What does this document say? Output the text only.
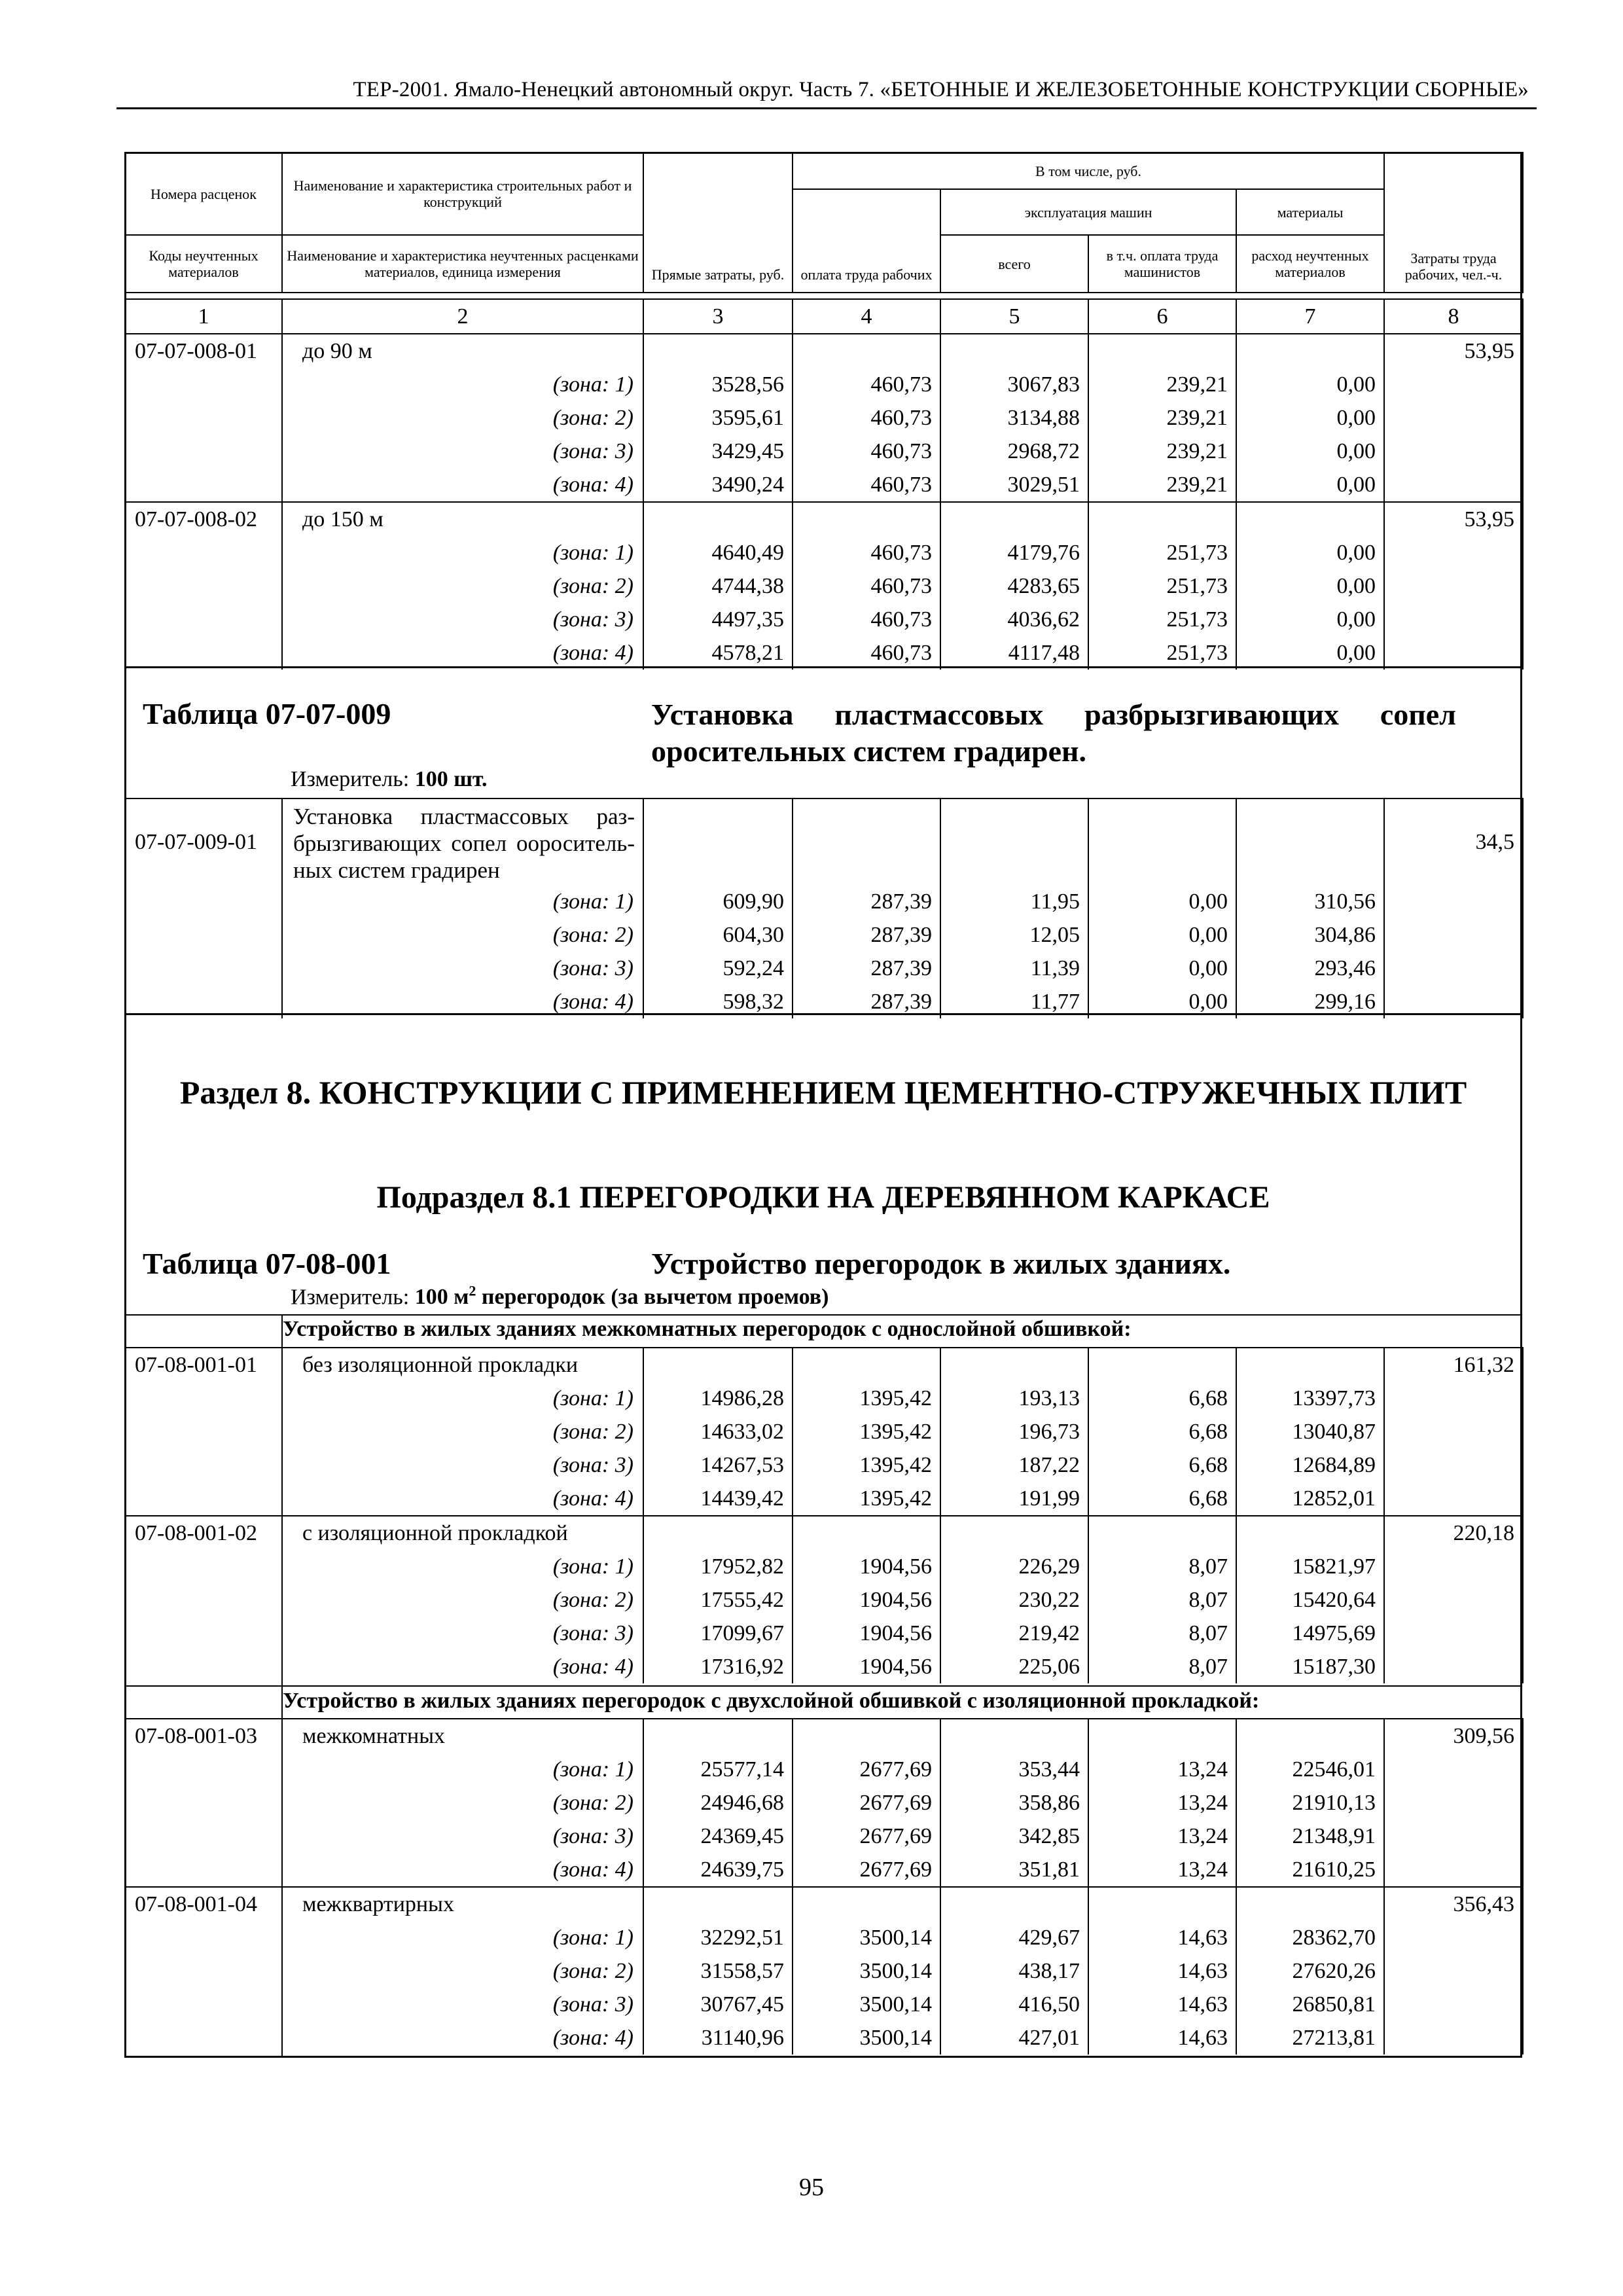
ТЕР-2001. Ямало-Ненецкий автономный округ. Часть 7. «БЕТОННЫЕ И ЖЕЛЕЗОБЕТОННЫЕ КОНСТРУКЦИИ СБОРНЫЕ»
Номера расценок	Наименование и характеристика строительных работ и конструкций	Прямые затраты, руб.	В том числе, руб.				Затраты труда рабочих, чел.-ч.
			оплата труда рабочих	эксплуатация машин		материалы	
Коды неучтенных материалов	Наименование и характеристика неучтенных расценками материалов, единица измерения			всего	в т.ч. оплата труда машинистов	расход неучтенных материалов	
1	2	3	4	5	6	7	8
07-07-008-01	до 90 м						53,95
	(зона: 1)	3528,56	460,73	3067,83	239,21	0,00	
	(зона: 2)	3595,61	460,73	3134,88	239,21	0,00	
	(зона: 3)	3429,45	460,73	2968,72	239,21	0,00	
	(зона: 4)	3490,24	460,73	3029,51	239,21	0,00	
07-07-008-02	до 150 м						53,95
	(зона: 1)	4640,49	460,73	4179,76	251,73	0,00	
	(зона: 2)	4744,38	460,73	4283,65	251,73	0,00	
	(зона: 3)	4497,35	460,73	4036,62	251,73	0,00	
	(зона: 4)	4578,21	460,73	4117,48	251,73	0,00	
Таблица 07-07-009	Установка пластмассовых разбрызгивающих сопел оросительных систем градирен.
Измеритель: 100 шт.
07-07-009-01	Установка пластмассовых раз-
брызгивающих сопел оороситель-
ных систем градирен						34,5
	(зона: 1)	609,90	287,39	11,95	0,00	310,56	
	(зона: 2)	604,30	287,39	12,05	0,00	304,86	
	(зона: 3)	592,24	287,39	11,39	0,00	293,46	
	(зона: 4)	598,32	287,39	11,77	0,00	299,16	
Раздел 8. КОНСТРУКЦИИ С ПРИМЕНЕНИЕМ ЦЕМЕНТНО-СТРУЖЕЧНЫХ ПЛИТ
Подраздел 8.1 ПЕРЕГОРОДКИ НА ДЕРЕВЯННОМ КАРКАСЕ
Таблица 07-08-001	Устройство перегородок в жилых зданиях.
Измеритель: 100 $м^2$ перегородок (за вычетом проемов)
Устройство в жилых зданиях межкомнатных перегородок с однослойной обшивкой:
07-08-001-01	без изоляционной прокладки						161,32
	(зона: 1)	14986,28	1395,42	193,13	6,68	13397,73	
	(зона: 2)	14633,02	1395,42	196,73	6,68	13040,87	
	(зона: 3)	14267,53	1395,42	187,22	6,68	12684,89	
	(зона: 4)	14439,42	1395,42	191,99	6,68	12852,01	
07-08-001-02	с изоляционной прокладкой						220,18
	(зона: 1)	17952,82	1904,56	226,29	8,07	15821,97	
	(зона: 2)	17555,42	1904,56	230,22	8,07	15420,64	
	(зона: 3)	17099,67	1904,56	219,42	8,07	14975,69	
	(зона: 4)	17316,92	1904,56	225,06	8,07	15187,30	
Устройство в жилых зданиях перегородок с двухслойной обшивкой с изоляционной прокладкой:
07-08-001-03	межкомнатных						309,56
	(зона: 1)	25577,14	2677,69	353,44	13,24	22546,01	
	(зона: 2)	24946,68	2677,69	358,86	13,24	21910,13	
	(зона: 3)	24369,45	2677,69	342,85	13,24	21348,91	
	(зона: 4)	24639,75	2677,69	351,81	13,24	21610,25	
07-08-001-04	межквартирных						356,43
	(зона: 1)	32292,51	3500,14	429,67	14,63	28362,70	
	(зона: 2)	31558,57	3500,14	438,17	14,63	27620,26	
	(зона: 3)	30767,45	3500,14	416,50	14,63	26850,81	
	(зона: 4)	31140,96	3500,14	427,01	14,63	27213,81	
95
